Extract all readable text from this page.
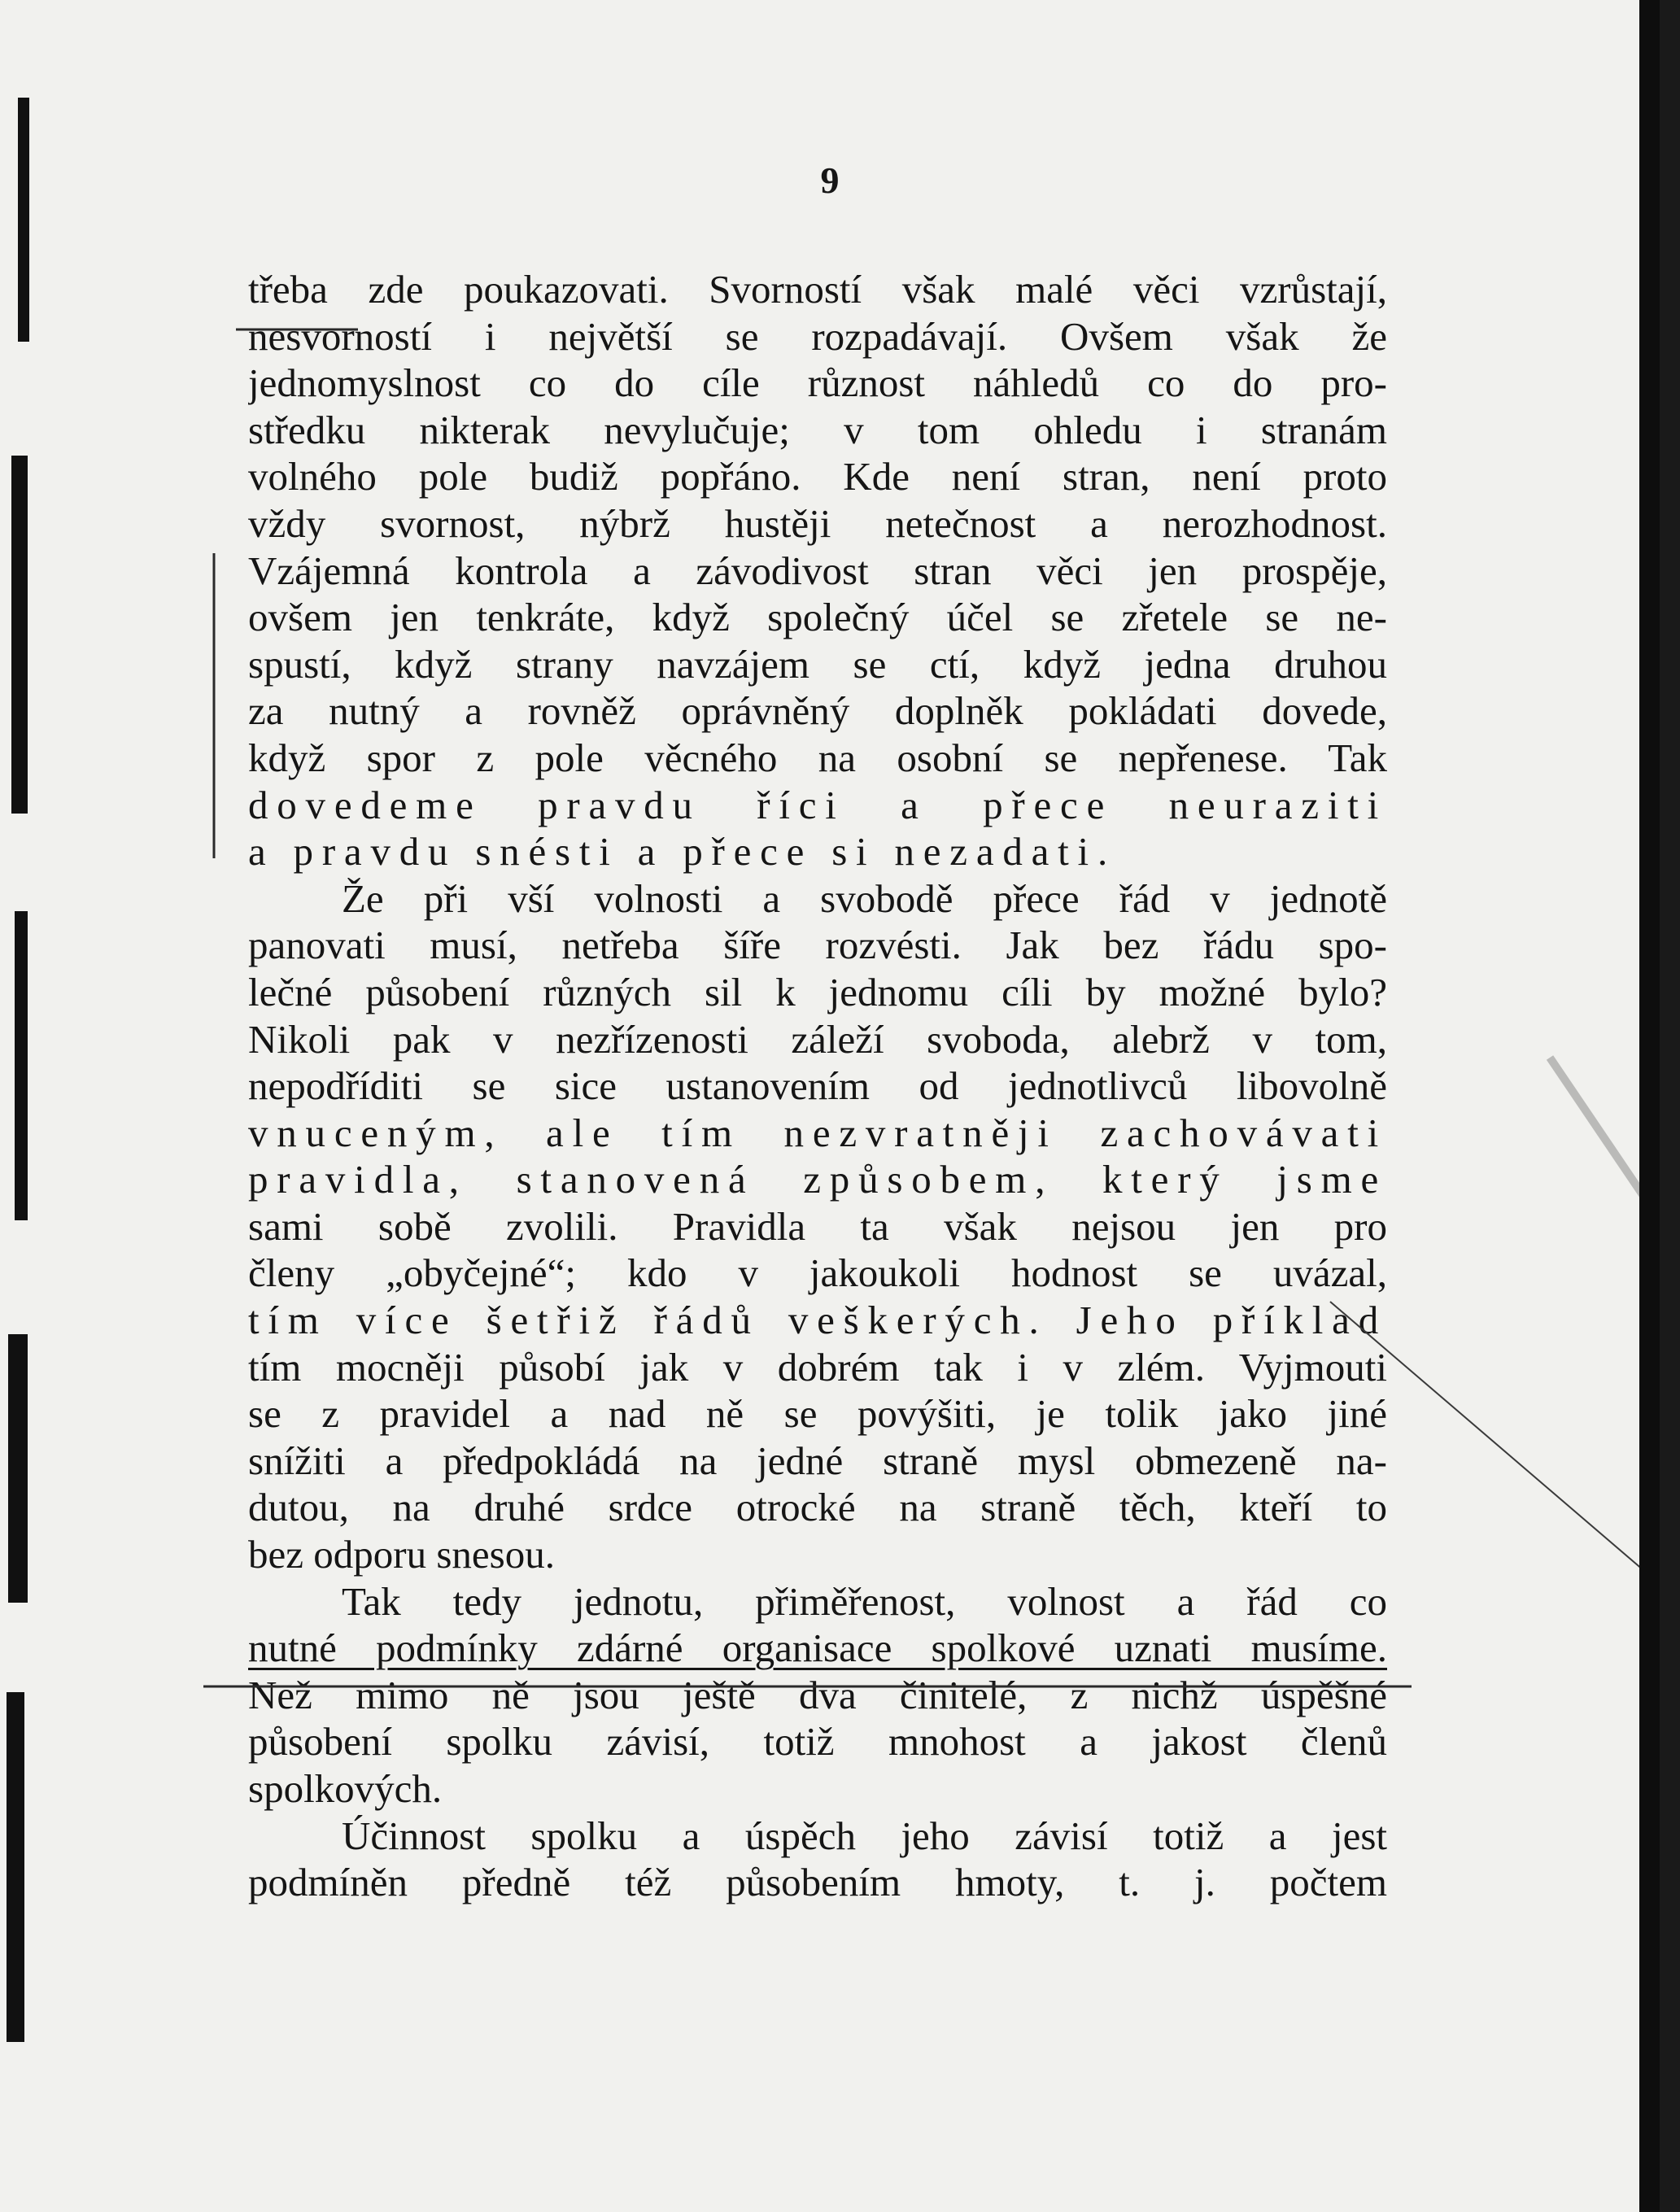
9
třeba zde poukazovati. Svorností však malé věci vzrůstají,
nesvorností i největší se rozpadávají. Ovšem však že
jednomyslnost co do cíle různost náhledů co do pro-
středku nikterak nevylučuje; v tom ohledu i stranám
volného pole budiž popřáno. Kde není stran, není proto
vždy svornost, nýbrž hustěji netečnost a nerozhodnost.
Vzájemná kontrola a závodivost stran věci jen prospěje,
ovšem jen tenkráte, když společný účel se zřetele se ne-
spustí, když strany navzájem se ctí, když jedna druhou
za nutný a rovněž oprávněný doplněk pokládati dovede,
když spor z pole věcného na osobní se nepřenese. Tak
dovedeme pravdu říci a přece neuraziti
a pravdu snésti a přece si nezadati.
Že při vší volnosti a svobodě přece řád v jednotě
panovati musí, netřeba šíře rozvésti. Jak bez řádu spo-
lečné působení různých sil k jednomu cíli by možné bylo?
Nikoli pak v nezřízenosti záleží svoboda, alebrž v tom,
nepodříditi se sice ustanovením od jednotlivců libovolně
vnuceným, ale tím nezvratněji zachovávati
pravidla, stanovená způsobem, který jsme
sami sobě zvolili. Pravidla ta však nejsou jen pro
členy „obyčejné“; kdo v jakoukoli hodnost se uvázal,
tím více šetřiž řádů veškerých. Jeho příklad
tím mocněji působí jak v dobrém tak i v zlém. Vyjmouti
se z pravidel a nad ně se povýšiti, je tolik jako jiné
snížiti a předpokládá na jedné straně mysl obmezeně na-
dutou, na druhé srdce otrocké na straně těch, kteří to
bez odporu snesou.
Tak tedy jednotu, přiměřenost, volnost a řád co
nutné podmínky zdárné organisace spolkové uznati musíme.
Než mimo ně jsou ještě dva činitelé, z nichž úspěšné
působení spolku závisí, totiž mnohost a jakost členů
spolkových.
Účinnost spolku a úspěch jeho závisí totiž a jest
podmíněn předně též působením hmoty, t. j. počtem
